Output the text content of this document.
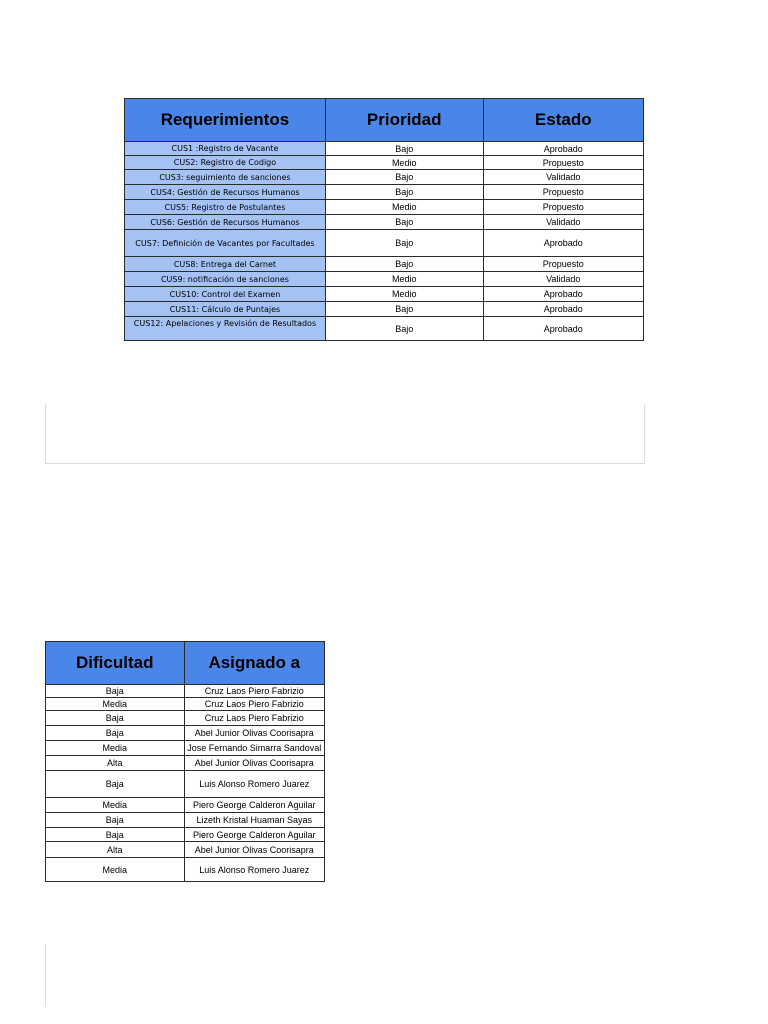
Requerimientos	Prioridad	Estado
CUS1 :Registro de Vacante	Bajo	Aprobado
CUS2: Registro de Codigo	Medio	Propuesto
CUS3: seguimiento de sanciones	Bajo	Validado
CUS4: Gestión de Recursos Humanos	Bajo	Propuesto
CUS5: Registro de Postulantes	Medio	Propuesto
CUS6: Gestión de Recursos Humanos	Bajo	Validado
CUS7: Definición de Vacantes por Facultades	Bajo	Aprobado
CUS8: Entrega del Carnet	Bajo	Propuesto
CUS9: notificación de sanciones	Medio	Validado
CUS10: Control del Examen	Medio	Aprobado
CUS11: Cálculo de Puntajes	Bajo	Aprobado
CUS12: Apelaciones y Revisión de Resultados	Bajo	Aprobado
Dificultad	Asignado a
Baja	Cruz Laos Piero Fabrizio
Media	Cruz Laos Piero Fabrizio
Baja	Cruz Laos Piero Fabrizio
Baja	Abel Junior Olivas Coorisapra
Media	Jose Fernando Simarra Sandoval
Alta	Abel Junior Olivas Coorisapra
Baja	Luis Alonso Romero Juarez
Media	Piero George Calderon Aguilar
Baja	Lizeth Kristal Huaman Sayas
Baja	Piero George Calderon Aguilar
Alta	Abel Junior Olivas Coorisapra
Media	Luis Alonso Romero Juarez
